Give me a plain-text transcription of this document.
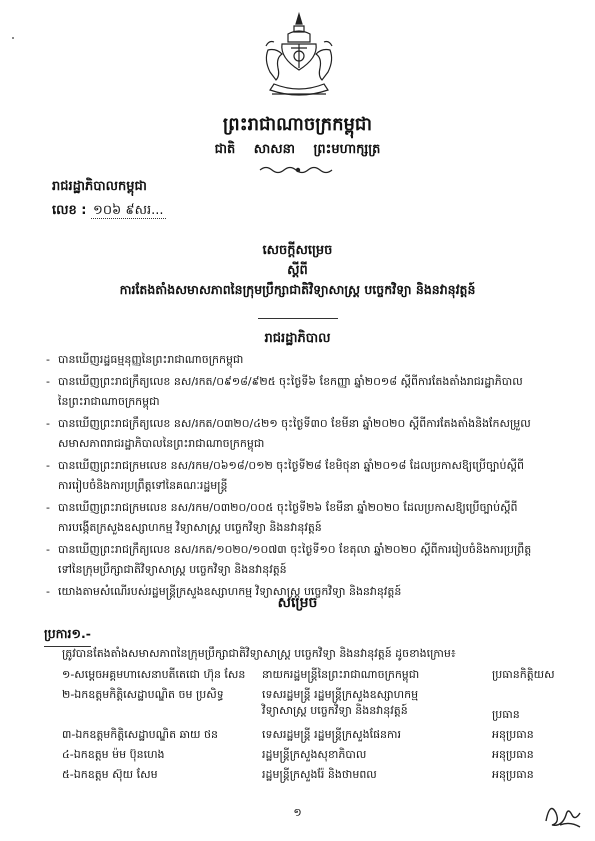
ព្រះរាជាណាចក្រកម្ពុជា
ជាតិ សាសនា ព្រះមហាក្សត្រ
រាជរដ្ឋាភិបាលកម្ពុជា
លេខ : ១០៦ ៩សរ...
សេចក្តីសម្រេច
ស្តីពី
ការតែងតាំងសមាសភាពនៃក្រុមប្រឹក្សាជាតិវិទ្យាសាស្ត្រ បច្ចេកវិទ្យា និងនវានុវត្តន៍
រាជរដ្ឋាភិបាល
- បានឃើញរដ្ឋធម្មនុញ្ញនៃព្រះរាជាណាចក្រកម្ពុជា
- បានឃើញព្រះរាជក្រឹត្យលេខ នស/រកត/០៩១៨/៩២៥ ចុះថ្ងៃទី៦ ខែកញ្ញា ឆ្នាំ២០១៨ ស្តីពីការតែងតាំងរាជរដ្ឋាភិបាល
នៃព្រះរាជាណាចក្រកម្ពុជា
- បានឃើញព្រះរាជក្រឹត្យលេខ នស/រកត/០៣២០/៤២១ ចុះថ្ងៃទី៣០ ខែមីនា ឆ្នាំ២០២០ ស្តីពីការតែងតាំងនិងកែសម្រួល
សមាសភាពរាជរដ្ឋាភិបាលនៃព្រះរាជាណាចក្រកម្ពុជា
- បានឃើញព្រះរាជក្រមលេខ នស/រកម/០៦១៨/០១២ ចុះថ្ងៃទី២៨ ខែមិថុនា ឆ្នាំ២០១៨ ដែលប្រកាសឱ្យប្រើច្បាប់ស្តីពី
ការរៀបចំនិងការប្រព្រឹត្តទៅនៃគណៈរដ្ឋមន្ត្រី
- បានឃើញព្រះរាជក្រមលេខ នស/រកម/០៣២០/០០៥ ចុះថ្ងៃទី២៦ ខែមីនា ឆ្នាំ២០២០ ដែលប្រកាសឱ្យប្រើច្បាប់ស្តីពី
ការបង្កើតក្រសួងឧស្សាហកម្ម វិទ្យាសាស្ត្រ បច្ចេកវិទ្យា និងនវានុវត្តន៍
- បានឃើញព្រះរាជក្រឹត្យលេខ នស/រកត/១០២០/១០៧៣ ចុះថ្ងៃទី១០ ខែតុលា ឆ្នាំ២០២០ ស្តីពីការរៀបចំនិងការប្រព្រឹត្ត
ទៅនៃក្រុមប្រឹក្សាជាតិវិទ្យាសាស្ត្រ បច្ចេកវិទ្យា និងនវានុវត្តន៍
- យោងតាមសំណើរបស់រដ្ឋមន្ត្រីក្រសួងឧស្សាហកម្ម វិទ្យាសាស្ត្រ បច្ចេកវិទ្យា និងនវានុវត្តន៍
សម្រេច
ប្រការ១.-
ត្រូវបានតែងតាំងសមាសភាពនៃក្រុមប្រឹក្សាជាតិវិទ្យាសាស្ត្រ បច្ចេកវិទ្យា និងនវានុវត្តន៍ ដូចខាងក្រោម៖
១-សម្តេចអគ្គមហាសេនាបតីតេជោ ហ៊ុន សែន	នាយករដ្ឋមន្ត្រីនៃព្រះរាជាណាចក្រកម្ពុជា	ប្រធានកិត្តិយស
២-ឯកឧត្តមកិត្តិសេដ្ឋាបណ្ឌិត ចម ប្រសិទ្ធ	ទេសរដ្ឋមន្ត្រី រដ្ឋមន្ត្រីក្រសួងឧស្សាហកម្ម
វិទ្យាសាស្ត្រ បច្ចេកវិទ្យា និងនវានុវត្តន៍	ប្រធាន
៣-ឯកឧត្តមកិត្តិសេដ្ឋាបណ្ឌិត ឆាយ ថន	ទេសរដ្ឋមន្ត្រី រដ្ឋមន្ត្រីក្រសួងផែនការ	អនុប្រធាន
៤-ឯកឧត្តម ម៉ម ប៊ុនហេង	រដ្ឋមន្ត្រីក្រសួងសុខាភិបាល	អនុប្រធាន
៥-ឯកឧត្តម ស៊ុយ សែម	រដ្ឋមន្ត្រីក្រសួងរ៉ែ និងថាមពល	អនុប្រធាន
១
